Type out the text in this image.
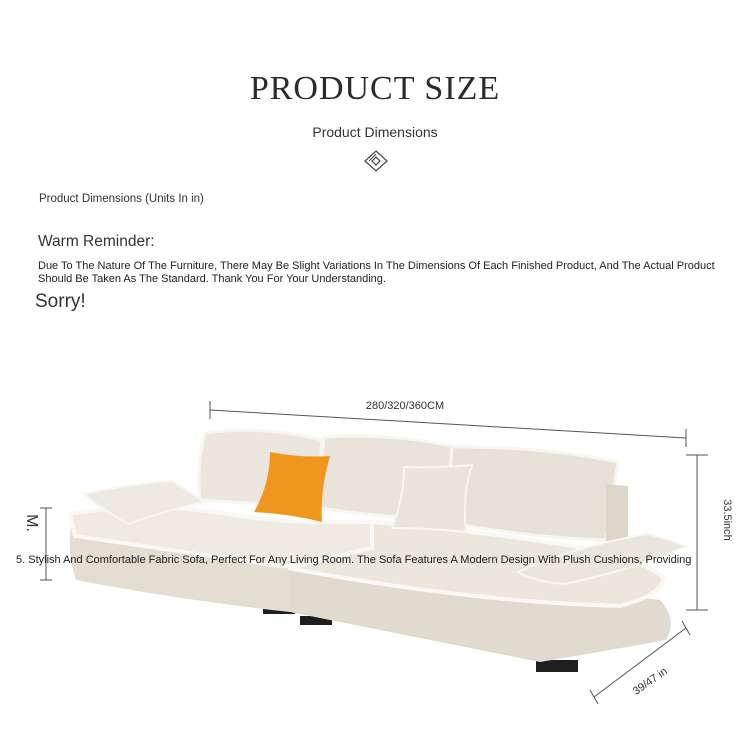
PRODUCT SIZE
Product Dimensions
Product Dimensions (Units In in)
Warm Reminder:
Due To The Nature Of The Furniture, There May Be Slight Variations In The Dimensions Of Each Finished Product, And The Actual Product Should Be Taken As The Standard. Thank You For Your Understanding.
Sorry!
280/320/360CM
33.5inch
39/47 in
M.
5. Stylish And Comfortable Fabric Sofa, Perfect For Any Living Room. The Sofa Features A Modern Design With Plush Cushions, Providing
